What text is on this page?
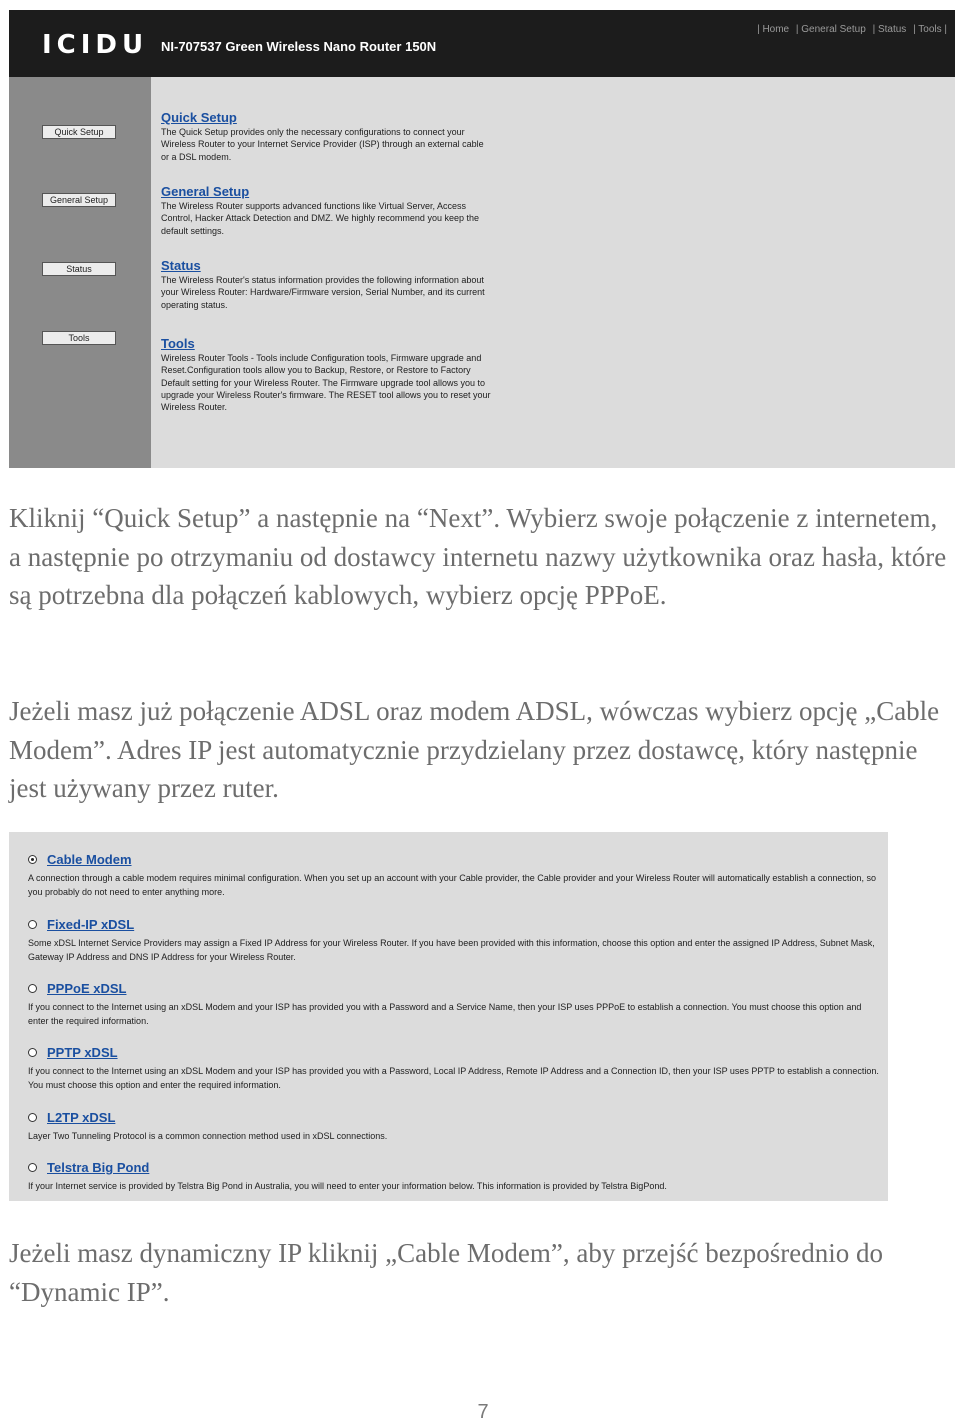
ICIDU NI-707537 Green Wireless Nano Router 150N
| Home | General Setup | Status | Tools |
Quick Setup
General Setup
Status
Tools
Quick Setup
The Quick Setup provides only the necessary configurations to connect your Wireless Router to your Internet Service Provider (ISP) through an external cable or a DSL modem.
General Setup
The Wireless Router supports advanced functions like Virtual Server, Access Control, Hacker Attack Detection and DMZ. We highly recommend you keep the default settings.
Status
The Wireless Router's status information provides the following information about your Wireless Router: Hardware/Firmware version, Serial Number, and its current operating status.
Tools
Wireless Router Tools - Tools include Configuration tools, Firmware upgrade and Reset.Configuration tools allow you to Backup, Restore, or Restore to Factory Default setting for your Wireless Router. The Firmware upgrade tool allows you to upgrade your Wireless Router's firmware. The RESET tool allows you to reset your Wireless Router.

Kliknij “Quick Setup” a następnie na “Next”. Wybierz swoje połączenie z internetem, a następnie po otrzymaniu od dostawcy internetu nazwy użytkownika oraz hasła, które są potrzebna dla połączeń kablowych, wybierz opcję PPPoE.

Jeżeli masz już połączenie ADSL oraz modem ADSL, wówczas wybierz opcję „Cable Modem”. Adres IP jest automatycznie przydzielany przez dostawcę, który następnie jest używany przez ruter.

Cable Modem
A connection through a cable modem requires minimal configuration. When you set up an account with your Cable provider, the Cable provider and your Wireless Router will automatically establish a connection, so you probably do not need to enter anything more.
Fixed-IP xDSL
Some xDSL Internet Service Providers may assign a Fixed IP Address for your Wireless Router. If you have been provided with this information, choose this option and enter the assigned IP Address, Subnet Mask, Gateway IP Address and DNS IP Address for your Wireless Router.
PPPoE xDSL
If you connect to the Internet using an xDSL Modem and your ISP has provided you with a Password and a Service Name, then your ISP uses PPPoE to establish a connection. You must choose this option and enter the required information.
PPTP xDSL
If you connect to the Internet using an xDSL Modem and your ISP has provided you with a Password, Local IP Address, Remote IP Address and a Connection ID, then your ISP uses PPTP to establish a connection. You must choose this option and enter the required information.
L2TP xDSL
Layer Two Tunneling Protocol is a common connection method used in xDSL connections.
Telstra Big Pond
If your Internet service is provided by Telstra Big Pond in Australia, you will need to enter your information below. This information is provided by Telstra BigPond.

Jeżeli masz dynamiczny IP kliknij „Cable Modem”, aby przejść bezpośrednio do “Dynamic IP”.

7
